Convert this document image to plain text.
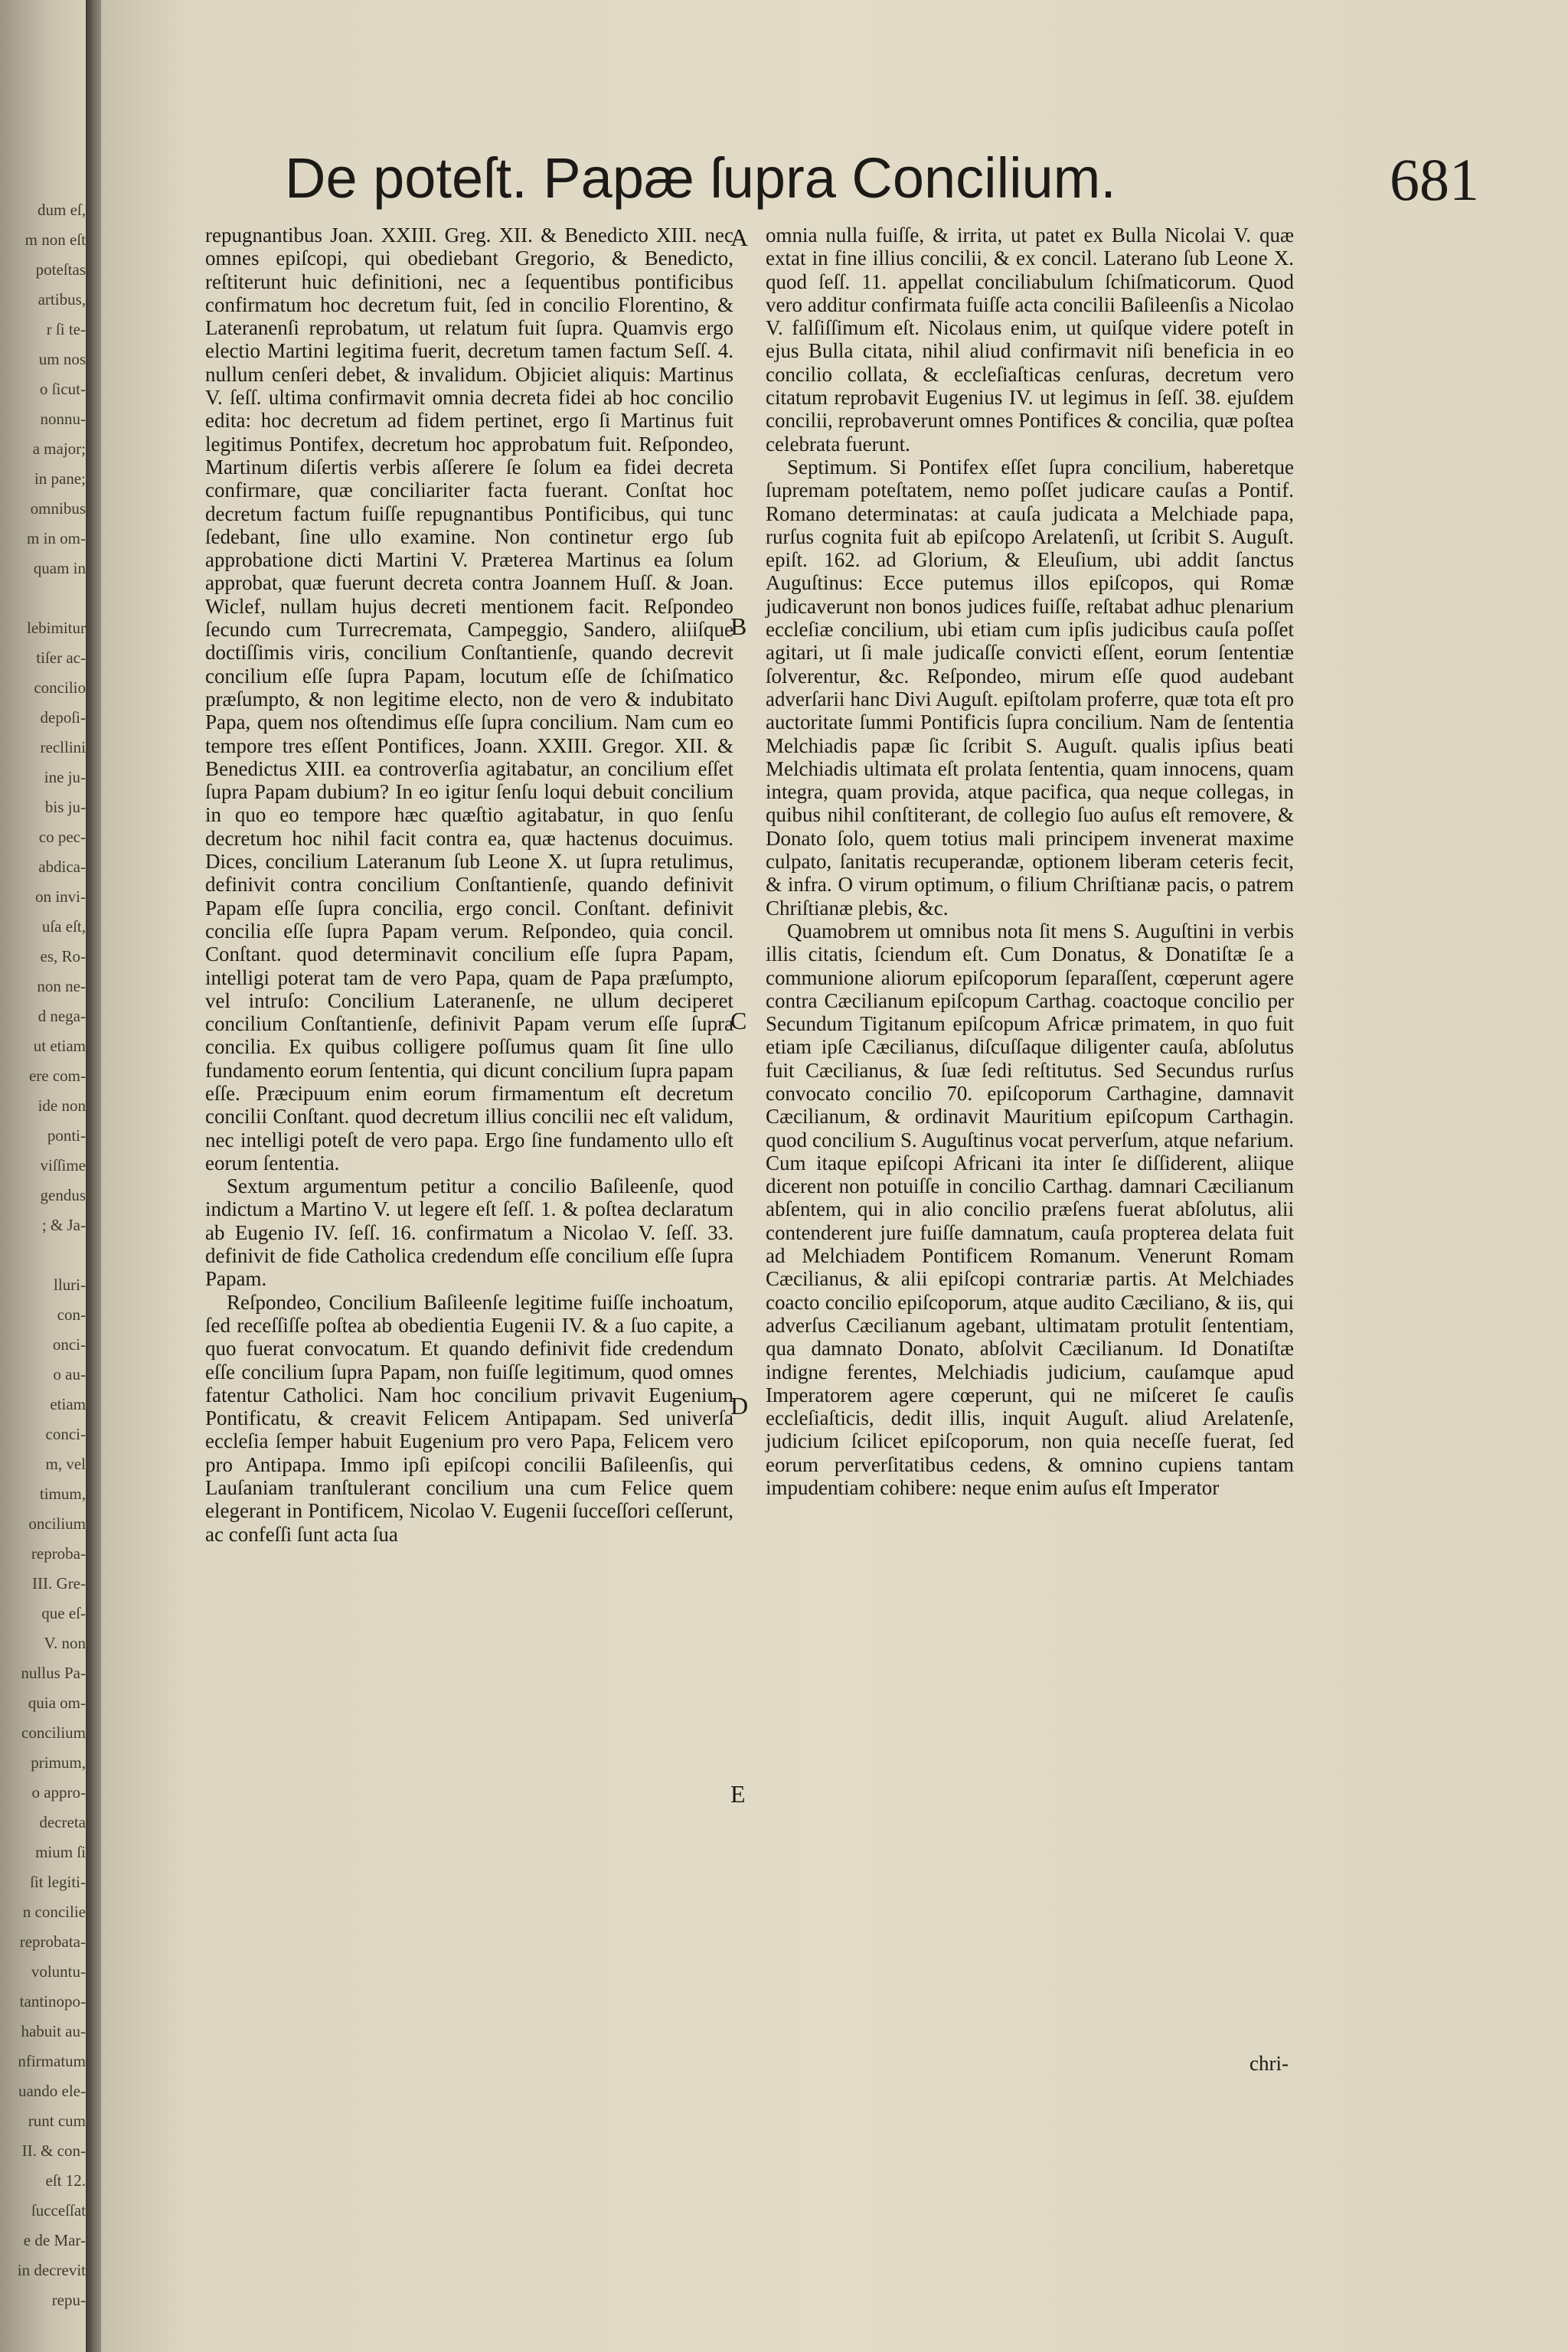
dum eſ,
m non eſt
poteſtas
artibus,
r ſi te-
um nos
o ſicut-
nonnu-
a major;
in pane;
omnibus
m in om-
quam in
lebimitur
tiſer ac-
concilio
depoſi-
recllini
ine ju-
bis ju-
co pec-
abdica-
on invi-
uſa eſt,
es, Ro-
non ne-
d nega-
ut etiam
ere com-
ide non
ponti-
viſſime
gendus
; & Ja-
lluri-
con-
onci-
o au-
etiam
conci-
m, vel
timum,
oncilium
reproba-
III. Gre-
que eſ-
V. non
nullus Pa-
quia om-
concilium
primum,
o appro-
decreta
mium ſi
ſit legiti-
n concilie
reprobata-
voluntu-
tantinopo-
habuit au-
nfirmatum
uando ele-
runt cum
II. & con-
eſt 12.
ſucceſſat
e de Mar-
in decrevit
repu-
De poteſt. Papæ ſupra Concilium.	681

repugnantibus Joan. XXIII. Greg. XII. & Benedicto XIII. nec omnes epiſcopi, qui obediebant Gregorio, & Benedicto, reſtiterunt huic definitioni, nec a ſequentibus pontificibus confirmatum hoc decretum fuit, ſed in concilio Florentino, & Lateranenſi reprobatum, ut relatum fuit ſupra. Quamvis ergo electio Martini legitima fuerit, decretum tamen factum Seſſ. 4. nullum cenſeri debet, & invalidum. Objiciet aliquis: Martinus V. ſeſſ. ultima confirmavit omnia decreta fidei ab hoc concilio edita: hoc decretum ad fidem pertinet, ergo ſi Martinus fuit legitimus Pontifex, decretum hoc approbatum fuit. Reſpondeo, Martinum diſertis verbis aſſerere ſe ſolum ea fidei decreta confirmare, quæ conciliariter facta fuerant. Conſtat hoc decretum factum fuiſſe repugnantibus Pontificibus, qui tunc ſedebant, ſine ullo examine. Non continetur ergo ſub approbatione dicti Martini V. Præterea Martinus ea ſolum approbat, quæ fuerunt decreta contra Joannem Huſſ. & Joan. Wiclef, nullam hujus decreti mentionem facit. Reſpondeo ſecundo cum Turrecremata, Campeggio, Sandero, aliiſque doctiſſimis viris, concilium Conſtantienſe, quando decrevit concilium eſſe ſupra Papam, locutum eſſe de ſchiſmatico præſumpto, & non legitime electo, non de vero & indubitato Papa, quem nos oſtendimus eſſe ſupra concilium. Nam cum eo tempore tres eſſent Pontifices, Joann. XXIII. Gregor. XII. & Benedictus XIII. ea controverſia agitabatur, an concilium eſſet ſupra Papam dubium? In eo igitur ſenſu loqui debuit concilium in quo eo tempore hæc quæſtio agitabatur, in quo ſenſu decretum hoc nihil facit contra ea, quæ hactenus docuimus. Dices, concilium Lateranum ſub Leone X. ut ſupra retulimus, definivit contra concilium Conſtantienſe, quando definivit Papam eſſe ſupra concilia, ergo concil. Conſtant. definivit concilia eſſe ſupra Papam verum. Reſpondeo, quia concil. Conſtant. quod determinavit concilium eſſe ſupra Papam, intelligi poterat tam de vero Papa, quam de Papa præſumpto, vel intruſo: Concilium Lateranenſe, ne ullum deciperet concilium Conſtantienſe, definivit Papam verum eſſe ſupra concilia. Ex quibus colligere poſſumus quam ſit ſine ullo fundamento eorum ſententia, qui dicunt concilium ſupra papam eſſe. Præcipuum enim eorum firmamentum eſt decretum concilii Conſtant. quod decretum illius concilii nec eſt validum, nec intelligi poteſt de vero papa. Ergo ſine fundamento ullo eſt eorum ſententia.

Sextum argumentum petitur a concilio Baſileenſe, quod indictum a Martino V. ut legere eſt ſeſſ. 1. & poſtea declaratum ab Eugenio IV. ſeſſ. 16. confirmatum a Nicolao V. ſeſſ. 33. definivit de fide Catholica credendum eſſe concilium eſſe ſupra Papam.

Reſpondeo, Concilium Baſileenſe legitime fuiſſe inchoatum, ſed receſſiſſe poſtea ab obedientia Eugenii IV. & a ſuo capite, a quo fuerat convocatum. Et quando definivit fide credendum eſſe concilium ſupra Papam, non fuiſſe legitimum, quod omnes fatentur Catholici. Nam hoc concilium privavit Eugenium Pontificatu, & creavit Felicem Antipapam. Sed univerſa eccleſia ſemper habuit Eugenium pro vero Papa, Felicem vero pro Antipapa. Immo ipſi epiſcopi concilii Baſileenſis, qui Lauſaniam tranſtulerant concilium una cum Felice quem elegerant in Pontificem, Nicolao V. Eugenii ſucceſſori ceſſerunt, ac confeſſi ſunt acta ſua

A
B
C
D
E

omnia nulla fuiſſe, & irrita, ut patet ex Bulla Nicolai V. quæ extat in fine illius concilii, & ex concil. Laterano ſub Leone X. quod ſeſſ. 11. appellat conciliabulum ſchiſmaticorum. Quod vero additur confirmata fuiſſe acta concilii Baſileenſis a Nicolao V. falſiſſimum eſt. Nicolaus enim, ut quiſque videre poteſt in ejus Bulla citata, nihil aliud confirmavit niſi beneficia in eo concilio collata, & eccleſiaſticas cenſuras, decretum vero citatum reprobavit Eugenius IV. ut legimus in ſeſſ. 38. ejuſdem concilii, reprobaverunt omnes Pontifices & concilia, quæ poſtea celebrata fuerunt.

Septimum. Si Pontifex eſſet ſupra concilium, haberetque ſupremam poteſtatem, nemo poſſet judicare cauſas a Pontif. Romano determinatas: at cauſa judicata a Melchiade papa, rurſus cognita fuit ab epiſcopo Arelatenſi, ut ſcribit S. Auguſt. epiſt. 162. ad Glorium, & Eleuſium, ubi addit ſanctus Auguſtinus: Ecce putemus illos epiſcopos, qui Romæ judicaverunt non bonos judices fuiſſe, reſtabat adhuc plenarium eccleſiæ concilium, ubi etiam cum ipſis judicibus cauſa poſſet agitari, ut ſi male judicaſſe convicti eſſent, eorum ſententiæ ſolverentur, &c. Reſpondeo, mirum eſſe quod audebant adverſarii hanc Divi Auguſt. epiſtolam proferre, quæ tota eſt pro auctoritate ſummi Pontificis ſupra concilium. Nam de ſententia Melchiadis papæ ſic ſcribit S. Auguſt. qualis ipſius beati Melchiadis ultimata eſt prolata ſententia, quam innocens, quam integra, quam provida, atque pacifica, qua neque collegas, in quibus nihil conſtiterant, de collegio ſuo auſus eſt removere, & Donato ſolo, quem totius mali principem invenerat maxime culpato, ſanitatis recuperandæ, optionem liberam ceteris fecit, & infra. O virum optimum, o filium Chriſtianæ pacis, o patrem Chriſtianæ plebis, &c.

Quamobrem ut omnibus nota ſit mens S. Auguſtini in verbis illis citatis, ſciendum eſt. Cum Donatus, & Donatiſtæ ſe a communione aliorum epiſcoporum ſeparaſſent, cœperunt agere contra Cæcilianum epiſcopum Carthag. coactoque concilio per Secundum Tigitanum epiſcopum Africæ primatem, in quo fuit etiam ipſe Cæcilianus, diſcuſſaque diligenter cauſa, abſolutus fuit Cæcilianus, & ſuæ ſedi reſtitutus. Sed Secundus rurſus convocato concilio 70. epiſcoporum Carthagine, damnavit Cæcilianum, & ordinavit Mauritium epiſcopum Carthagin. quod concilium S. Auguſtinus vocat perverſum, atque nefarium. Cum itaque epiſcopi Africani ita inter ſe diſſiderent, aliique dicerent non potuiſſe in concilio Carthag. damnari Cæcilianum abſentem, qui in alio concilio præſens fuerat abſolutus, alii contenderent jure fuiſſe damnatum, cauſa propterea delata fuit ad Melchiadem Pontificem Romanum. Venerunt Romam Cæcilianus, & alii epiſcopi contrariæ partis. At Melchiades coacto concilio epiſcoporum, atque audito Cæciliano, & iis, qui adverſus Cæcilianum agebant, ultimatam protulit ſententiam, qua damnato Donato, abſolvit Cæcilianum. Id Donatiſtæ indigne ferentes, Melchiadis judicium, cauſamque apud Imperatorem agere cœperunt, qui ne miſceret ſe cauſis eccleſiaſticis, dedit illis, inquit Auguſt. aliud Arelatenſe, judicium ſcilicet epiſcoporum, non quia neceſſe fuerat, ſed eorum perverſitatibus cedens, & omnino cupiens tantam impudentiam cohibere: neque enim auſus eſt Imperator

chri-
